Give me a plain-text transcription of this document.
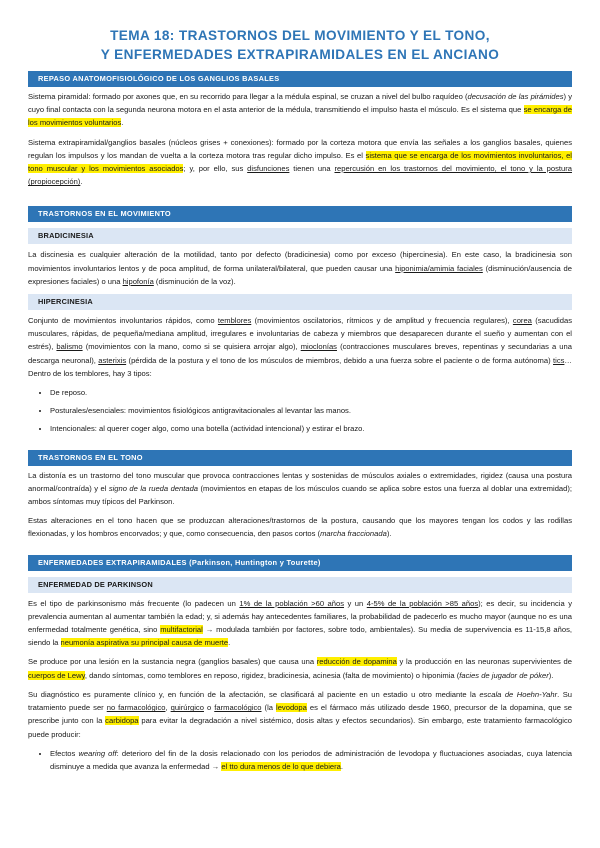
TEMA 18: TRASTORNOS DEL MOVIMIENTO Y EL TONO,
Y ENFERMEDADES EXTRAPIRAMIDALES EN EL ANCIANO
REPASO ANATOMOFISIOLÓGICO DE LOS GANGLIOS BASALES

Sistema piramidal: formado por axones que, en su recorrido para llegar a la médula espinal, se cruzan a nivel del bulbo raquídeo (decusación de las pirámides) y cuyo final contacta con la segunda neurona motora en el asta anterior de la médula, transmitiendo el impulso hasta el músculo. Es el sistema que se encarga de los movimientos voluntarios.

Sistema extrapiramidal/ganglios basales (núcleos grises + conexiones): formado por la corteza motora que envía las señales a los ganglios basales, quienes regulan los impulsos y los mandan de vuelta a la corteza motora tras regular dicho impulso. Es el sistema que se encarga de los movimientos involuntarios, el tono muscular y los movimientos asociados; y, por ello, sus disfunciones tienen una repercusión en los trastornos del movimiento, el tono y la postura (propiocepción).

TRASTORNOS EN EL MOVIMIENTO
BRADICINESIA

La discinesia es cualquier alteración de la motilidad, tanto por defecto (bradicinesia) como por exceso (hipercinesia). En este caso, la bradicinesia son movimientos involuntarios lentos y de poca amplitud, de forma unilateral/bilateral, que pueden causar una hiponimia/amimia faciales (disminución/ausencia de expresiones faciales) o una hipofonía (disminución de la voz).

HIPERCINESIA

Conjunto de movimientos involuntarios rápidos, como temblores (movimientos oscilatorios, rítmicos y de amplitud y frecuencia regulares), corea (sacudidas musculares, rápidas, de pequeña/mediana amplitud, irregulares e involuntarias de cabeza y miembros que desaparecen durante el sueño y aumentan con el estrés), balismo (movimientos con la mano, como si se quisiera arrojar algo), mioclonías (contracciones musculares breves, repentinas y secundarias a una descarga neuronal), asterixis (pérdida de la postura y el tono de los músculos de miembros, debido a una fuerza sobre el paciente o de forma autónoma) tics… Dentro de los temblores, hay 3 tipos:

• De reposo.
• Posturales/esenciales: movimientos fisiológicos antigravitacionales al levantar las manos.
• Intencionales: al querer coger algo, como una botella (actividad intencional) y estirar el brazo.
TRASTORNOS EN EL TONO

La distonía es un trastorno del tono muscular que provoca contracciones lentas y sostenidas de músculos axiales o extremidades, rigidez (causa una postura anormal/contraída) y el signo de la rueda dentada (movimientos en etapas de los músculos cuando se aplica sobre estos una fuerza al doblar una extremidad); ambos síntomas muy típicos del Parkinson.

Estas alteraciones en el tono hacen que se produzcan alteraciones/trastornos de la postura, causando que los mayores tengan los codos y las rodillas flexionadas, y los hombros encorvados; y que, como consecuencia, den pasos cortos (marcha fraccionada).

ENFERMEDADES EXTRAPIRAMIDALES (Parkinson, Huntington y Tourette)
ENFERMEDAD DE PARKINSON

Es el tipo de parkinsonismo más frecuente (lo padecen un 1% de la población >60 años y un 4-5% de la población >85 años); es decir, su incidencia y prevalencia aumentan al aumentar también la edad; y, si además hay antecedentes familiares, la probabilidad de padecerlo es mucho mayor (aunque no es una enfermedad totalmente genética, sino multifactorial → modulada también por factores, sobre todo, ambientales). Su media de supervivencia es 11-15,8 años, siendo la neumonía aspirativa su principal causa de muerte.

Se produce por una lesión en la sustancia negra (ganglios basales) que causa una reducción de dopamina y la producción en las neuronas supervivientes de cuerpos de Lewy, dando síntomas, como temblores en reposo, rigidez, bradicinesia, acinesia (falta de movimiento) o hiponimia (facies de jugador de póker).

Su diagnóstico es puramente clínico y, en función de la afectación, se clasificará al paciente en un estadio u otro mediante la escala de Hoehn-Yahr. Su tratamiento puede ser no farmacológico, quirúrgico o farmacológico (la levodopa es el fármaco más utilizado desde 1960, precursor de la dopamina, que se prescribe junto con la carbidopa para evitar la degradación a nivel sistémico, dosis altas y efectos secundarios). Sin embargo, este tratamiento farmacológico puede producir:

• Efectos wearing off: deterioro del fin de la dosis relacionado con los periodos de administración de levodopa y fluctuaciones asociadas, cuya latencia disminuye a medida que avanza la enfermedad → el tto dura menos de lo que debiera.
